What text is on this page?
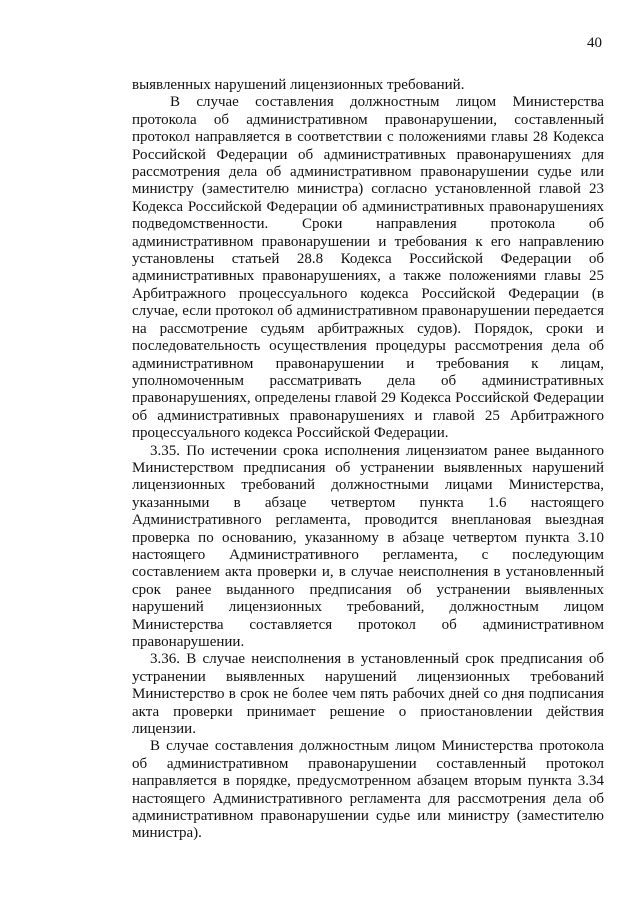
40

выявленных нарушений лицензионных требований.

В случае составления должностным лицом Министерства протокола об административном правонарушении, составленный протокол направляется в соответствии с положениями главы 28 Кодекса Российской Федерации об административных правонарушениях для рассмотрения дела об административном правонарушении судье или министру (заместителю министра) согласно установленной главой 23 Кодекса Российской Федерации об административных правонарушениях подведомственности. Сроки направления протокола об административном правонарушении и требования к его направлению установлены статьей 28.8 Кодекса Российской Федерации об административных правонарушениях, а также положениями главы 25 Арбитражного процессуального кодекса Российской Федерации (в случае, если протокол об административном правонарушении передается на рассмотрение судьям арбитражных судов). Порядок, сроки и последовательность осуществления процедуры рассмотрения дела об административном правонарушении и требования к лицам, уполномоченным рассматривать дела об административных правонарушениях, определены главой 29 Кодекса Российской Федерации об административных правонарушениях и главой 25 Арбитражного процессуального кодекса Российской Федерации.

3.35. По истечении срока исполнения лицензиатом ранее выданного Министерством предписания об устранении выявленных нарушений лицензионных требований должностными лицами Министерства, указанными в абзаце четвертом пункта 1.6 настоящего Административного регламента, проводится внеплановая выездная проверка по основанию, указанному в абзаце четвертом пункта 3.10 настоящего Административного регламента, с последующим составлением акта проверки и, в случае неисполнения в установленный срок ранее выданного предписания об устранении выявленных нарушений лицензионных требований, должностным лицом Министерства составляется протокол об административном правонарушении.

3.36. В случае неисполнения в установленный срок предписания об устранении выявленных нарушений лицензионных требований Министерство в срок не более чем пять рабочих дней со дня подписания акта проверки принимает решение о приостановлении действия лицензии.

В случае составления должностным лицом Министерства протокола об административном правонарушении составленный протокол направляется в порядке, предусмотренном абзацем вторым пункта 3.34 настоящего Административного регламента для рассмотрения дела об административном правонарушении судье или министру (заместителю министра).
